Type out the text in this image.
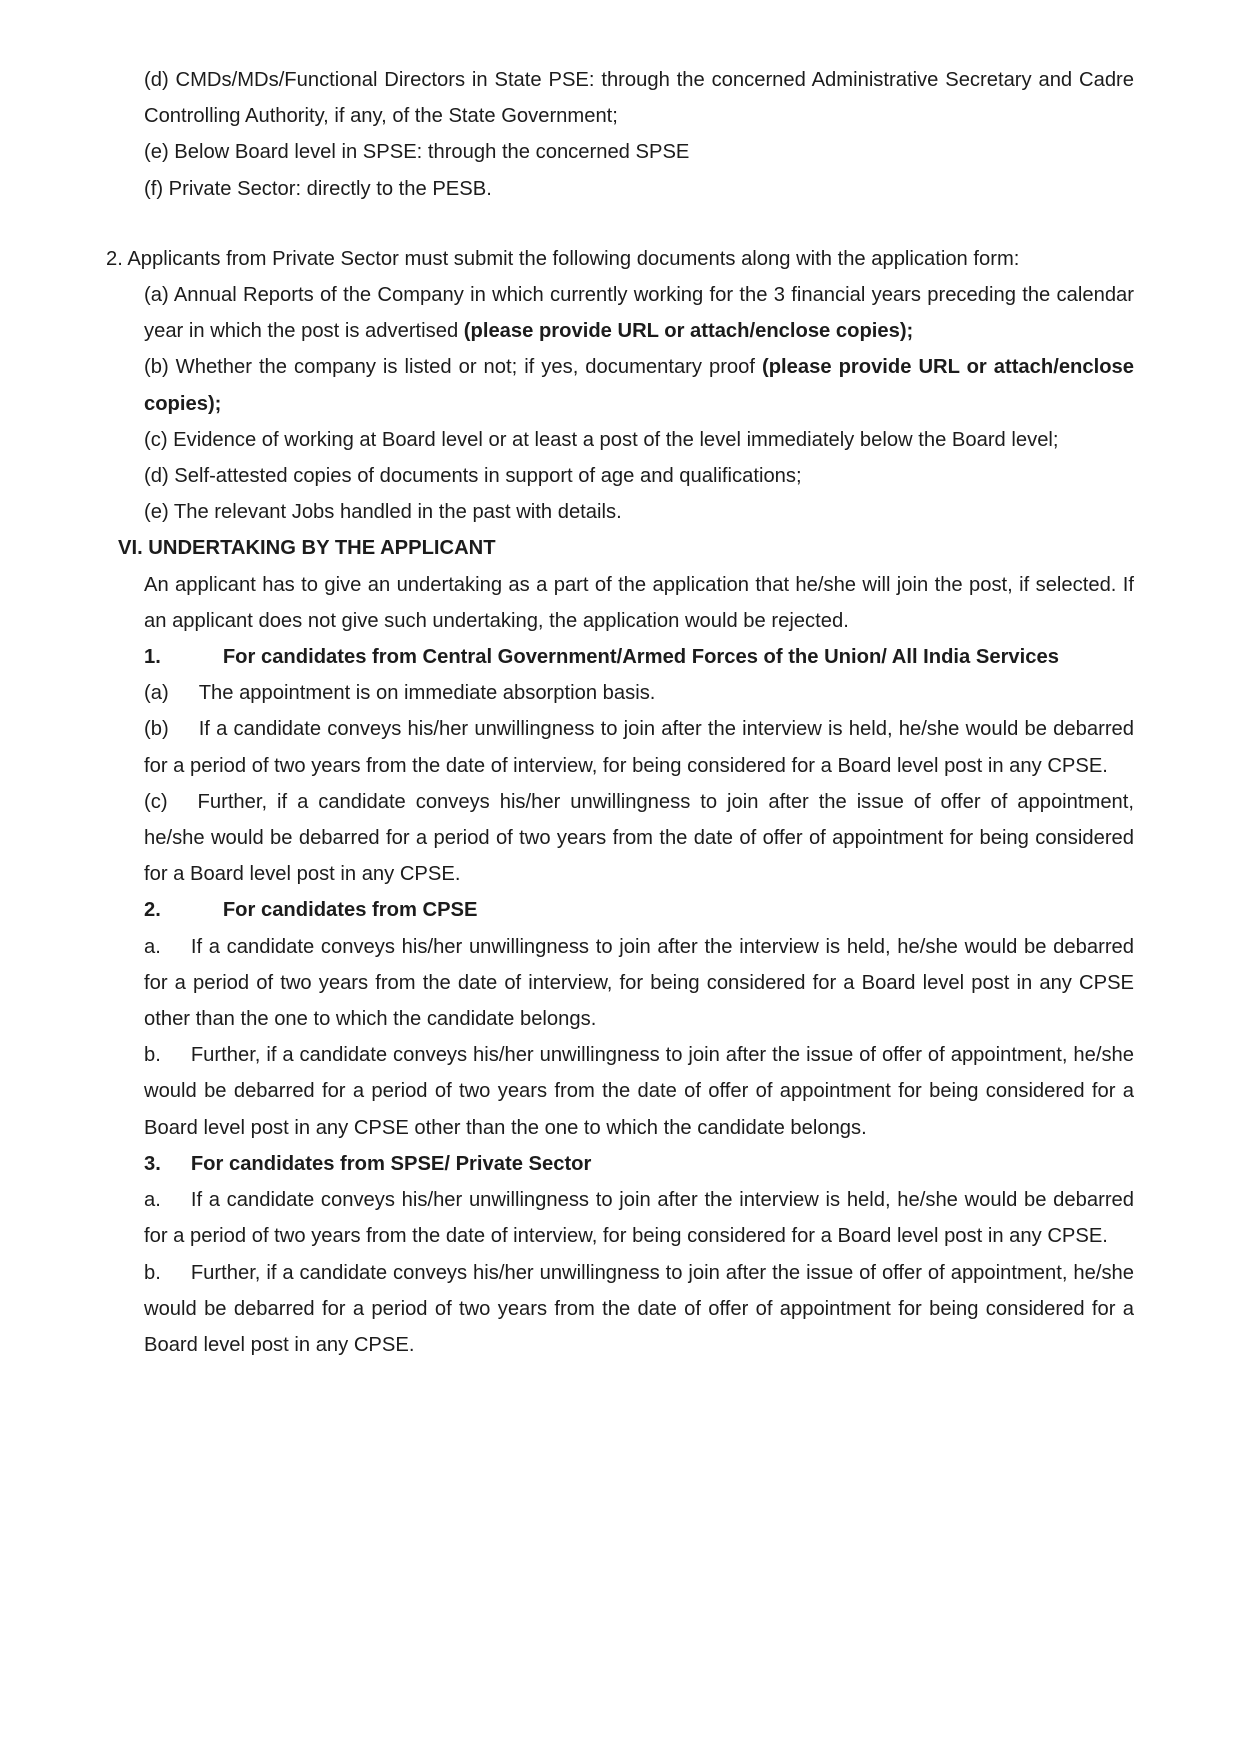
(d) CMDs/MDs/Functional Directors in State PSE: through the concerned Administrative Secretary and Cadre Controlling Authority, if any, of the State Government;

(e) Below Board level in SPSE: through the concerned SPSE

(f) Private Sector: directly to the PESB.

2. Applicants from Private Sector must submit the following documents along with the application form:

(a) Annual Reports of the Company in which currently working for the 3 financial years preceding the calendar year in which the post is advertised (please provide URL or attach/enclose copies);

(b) Whether the company is listed or not; if yes, documentary proof (please provide URL or attach/enclose copies);

(c) Evidence of working at Board level or at least a post of the level immediately below the Board level;

(d) Self-attested copies of documents in support of age and qualifications;

(e) The relevant Jobs handled in the past with details.

VI. UNDERTAKING BY THE APPLICANT

An applicant has to give an undertaking as a part of the application that he/she will join the post, if selected. If an applicant does not give such undertaking, the application would be rejected.

1.	For candidates from Central Government/Armed Forces of the Union/ All India Services

(a) The appointment is on immediate absorption basis.

(b) If a candidate conveys his/her unwillingness to join after the interview is held, he/she would be debarred for a period of two years from the date of interview, for being considered for a Board level post in any CPSE.

(c) Further, if a candidate conveys his/her unwillingness to join after the issue of offer of appointment, he/she would be debarred for a period of two years from the date of offer of appointment for being considered for a Board level post in any CPSE.

2.	For candidates from CPSE

a. If a candidate conveys his/her unwillingness to join after the interview is held, he/she would be debarred for a period of two years from the date of interview, for being considered for a Board level post in any CPSE other than the one to which the candidate belongs.

b. Further, if a candidate conveys his/her unwillingness to join after the issue of offer of appointment, he/she would be debarred for a period of two years from the date of offer of appointment for being considered for a Board level post in any CPSE other than the one to which the candidate belongs.

3. For candidates from SPSE/ Private Sector

a. If a candidate conveys his/her unwillingness to join after the interview is held, he/she would be debarred for a period of two years from the date of interview, for being considered for a Board level post in any CPSE.

b. Further, if a candidate conveys his/her unwillingness to join after the issue of offer of appointment, he/she would be debarred for a period of two years from the date of offer of appointment for being considered for a Board level post in any CPSE.
